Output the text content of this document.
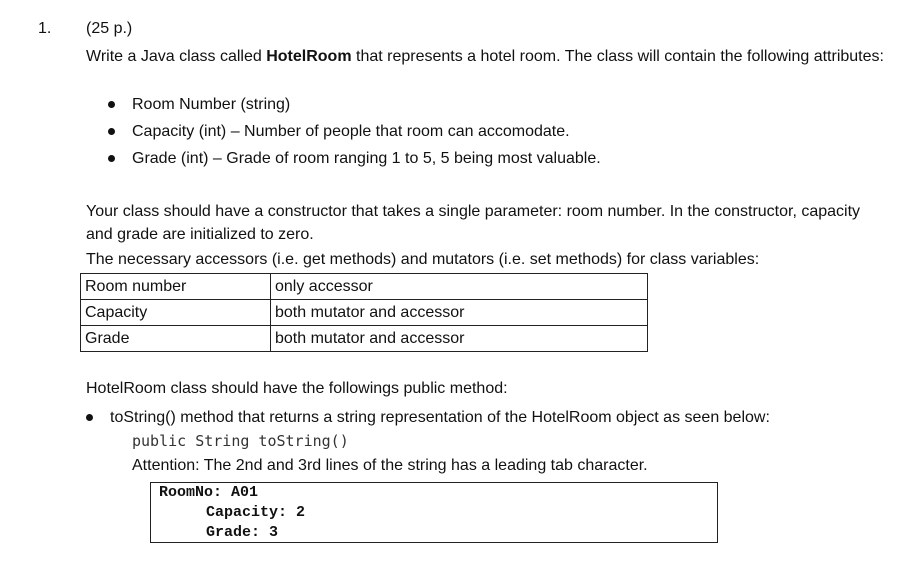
1. (25 p.)
Write a Java class called HotelRoom that represents a hotel room. The class will contain the following attributes:
Room Number (string)
Capacity (int) – Number of people that room can accomodate.
Grade (int) – Grade of room ranging 1 to 5, 5 being most valuable.
Your class should have a constructor that takes a single parameter: room number. In the constructor, capacity and grade are initialized to zero.
The necessary accessors (i.e. get methods) and mutators (i.e. set methods) for class variables:
Room number	only accessor
Capacity	both mutator and accessor
Grade	both mutator and accessor
HotelRoom class should have the followings public method:
toString() method that returns a string representation of the HotelRoom object as seen below:
public String toString()
Attention: The 2nd and 3rd lines of the string has a leading tab character.
RoomNo: A01
Capacity: 2
Grade: 3
